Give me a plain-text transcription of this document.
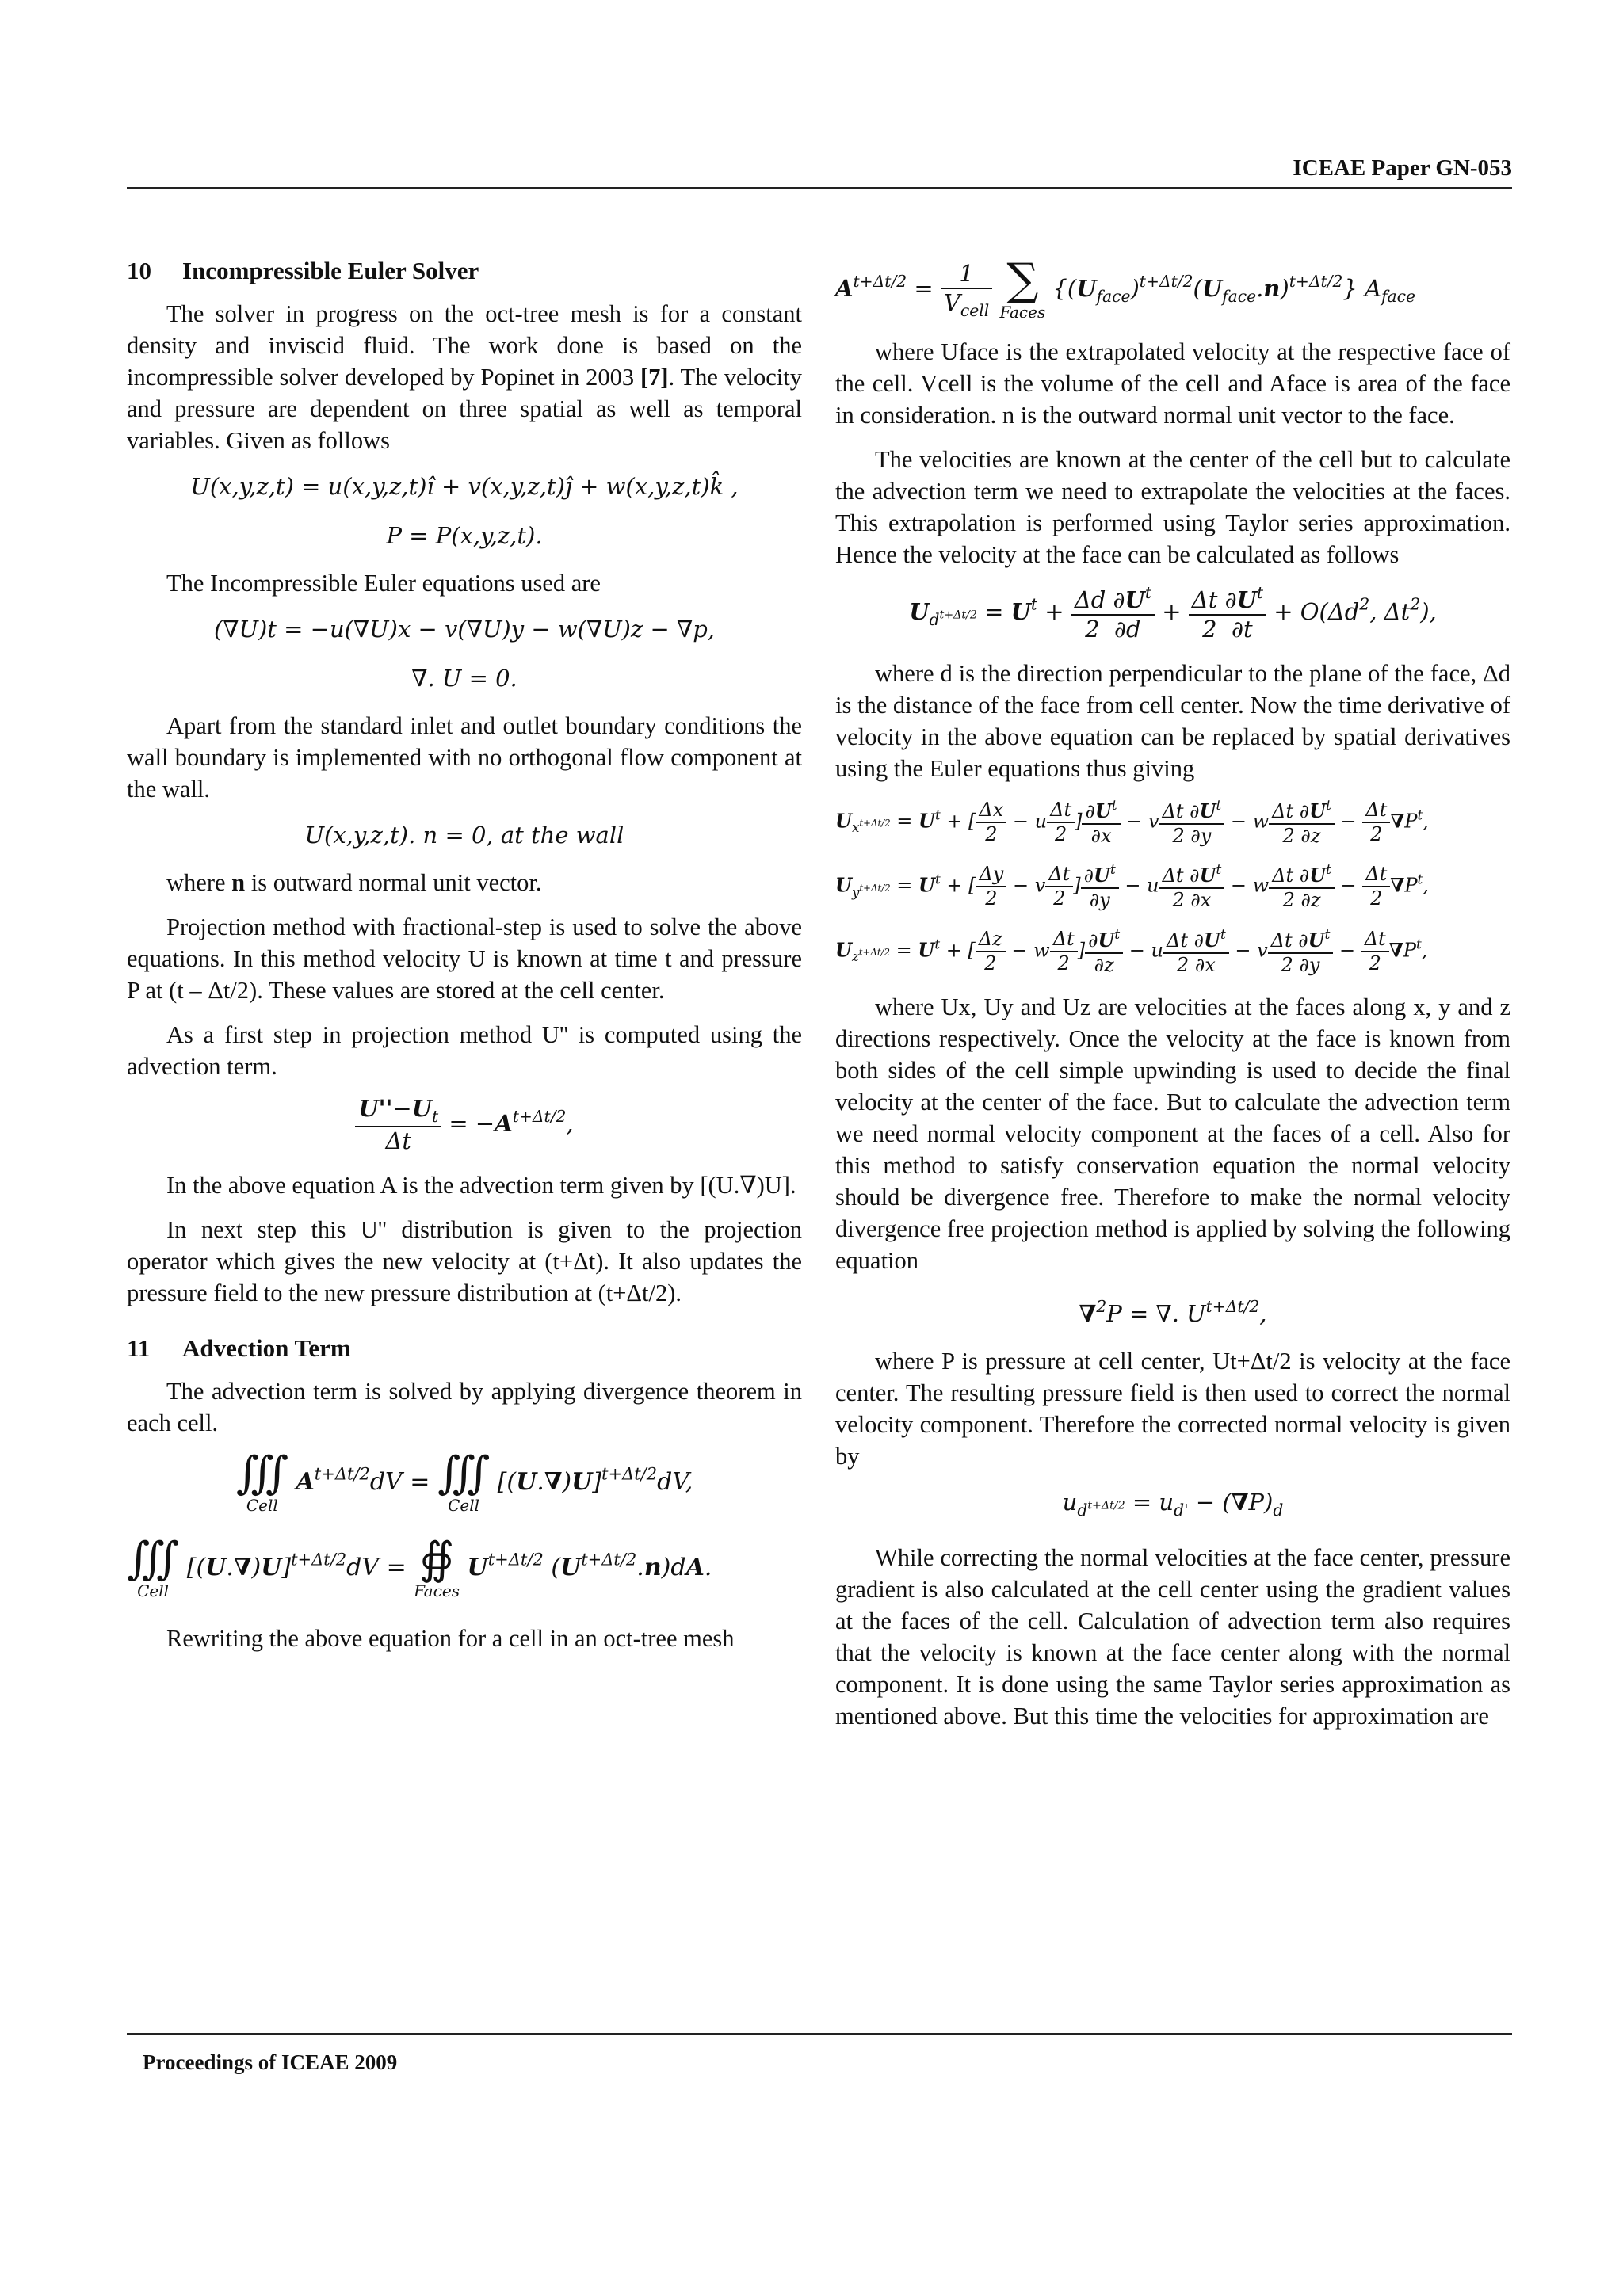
ICEAE Paper GN-053
10 Incompressible Euler Solver

The solver in progress on the oct-tree mesh is for a constant density and inviscid fluid. The work done is based on the incompressible solver developed by Popinet in 2003 [7]. The velocity and pressure are dependent on three spatial as well as temporal variables. Given as follows

U(x,y,z,t) = u(x,y,z,t)î + v(x,y,z,t)ĵ + w(x,y,z,t)k̂ ,
P = P(x,y,z,t).

The Incompressible Euler equations used are

(∇U)t = −u(∇U)x − v(∇U)y − w(∇U)z − ∇p,
∇. U = 0.

Apart from the standard inlet and outlet boundary conditions the wall boundary is implemented with no orthogonal flow component at the wall.

U(x,y,z,t). n = 0, at the wall

where n is outward normal unit vector.

Projection method with fractional-step is used to solve the above equations. In this method velocity U is known at time t and pressure P at (t – Δt/2). These values are stored at the cell center.

As a first step in projection method U'' is computed using the advection term.

$\frac{U''-U_t}{\Delta t} = -A^{t+\Delta t/2}$,

In the above equation A is the advection term given by [(U.∇)U].

In next step this U'' distribution is given to the projection operator which gives the new velocity at (t+Δt). It also updates the pressure field to the new pressure distribution at (t+Δt/2).

11 Advection Term

The advection term is solved by applying divergence theorem in each cell.

∭
Cell
$A^{t+\Delta t/2}dV$ = ∭
Cell
$[(U.\nabla)U]^{t+\Delta t/2}dV$,
∭
Cell
$[(U.\nabla)U]^{t+\Delta t/2}dV$ = ∯
Faces
$U^{t+\Delta t/2}$ $(U^{t+\Delta t/2}.n)dA$.

Rewriting the above equation for a cell in an oct-tree mesh

$A^{t+\Delta t/2} = \frac{1}{V_{cell}}$
∑
Faces
$\{(U_{face})^{t+\Delta t/2}(U_{face}.n)^{t+\Delta t/2}\}$ $A_{face}$

where Uface is the extrapolated velocity at the respective face of the cell. Vcell is the volume of the cell and Aface is area of the face in consideration. n is the outward normal unit vector to the face.

The velocities are known at the center of the cell but to calculate the advection term we need to extrapolate the velocities at the faces. This extrapolation is performed using Taylor series approximation. Hence the velocity at the face can be calculated as follows

$U_{d^{t+\Delta t/2}} = U^t + \frac{\Delta d \partial U^t}{2 \partial d} + \frac{\Delta t \partial U^t}{2 \partial t} + O(\Delta d^2$, $\Delta t^2$),

where d is the direction perpendicular to the plane of the face, Δd is the distance of the face from cell center. Now the time derivative of velocity in the above equation can be replaced by spatial derivatives using the Euler equations thus giving

$U_{x^{t+\Delta t/2}} = U^t$ + [ $\frac{\Delta x}{2} - u \frac{\Delta t}{2}$ ] $\frac{\partial U^t}{\partial x} - v \frac{\Delta t \partial U^t}{2 \partial y} - w \frac{\Delta t \partial U^t}{2 \partial z} - \frac{\Delta t}{2} \nabla P^t$,
$U_{y^{t+\Delta t/2}} = U^t$ + [ $\frac{\Delta y}{2} - v \frac{\Delta t}{2}$ ] $\frac{\partial U^t}{\partial y} - u \frac{\Delta t \partial U^t}{2 \partial x} - w \frac{\Delta t \partial U^t}{2 \partial z} - \frac{\Delta t}{2} \nabla P^t$,
$U_{z^{t+\Delta t/2}} = U^t$ + [ $\frac{\Delta z}{2} - w \frac{\Delta t}{2}$ ] $\frac{\partial U^t}{\partial z} - u \frac{\Delta t \partial U^t}{2 \partial x} - v \frac{\Delta t \partial U^t}{2 \partial y} - \frac{\Delta t}{2} \nabla P^t$,

where Ux, Uy and Uz are velocities at the faces along x, y and z directions respectively. Once the velocity at the face is known from both sides of the cell simple upwinding is used to decide the final velocity at the center of the face. But to calculate the advection term we need normal velocity component at the faces of a cell. Also for this method to satisfy conservation equation the normal velocity should be divergence free. Therefore to make the normal velocity divergence free projection method is applied by solving the following equation

∇$^2$P = ∇. $U^{t+\Delta t/2}$,

where P is pressure at cell center, Ut+Δt/2 is velocity at the face center. The resulting pressure field is then used to correct the normal velocity component. Therefore the corrected normal velocity is given by

$u_{d^{t+\Delta t/2}} = u_{d'} - (\nabla P)_d$

While correcting the normal velocities at the face center, pressure gradient is also calculated at the cell center using the gradient values at the faces of the cell. Calculation of advection term also requires that the velocity is known at the face center along with the normal component. It is done using the same Taylor series approximation as mentioned above. But this time the velocities for approximation are

Proceedings of ICEAE 2009
